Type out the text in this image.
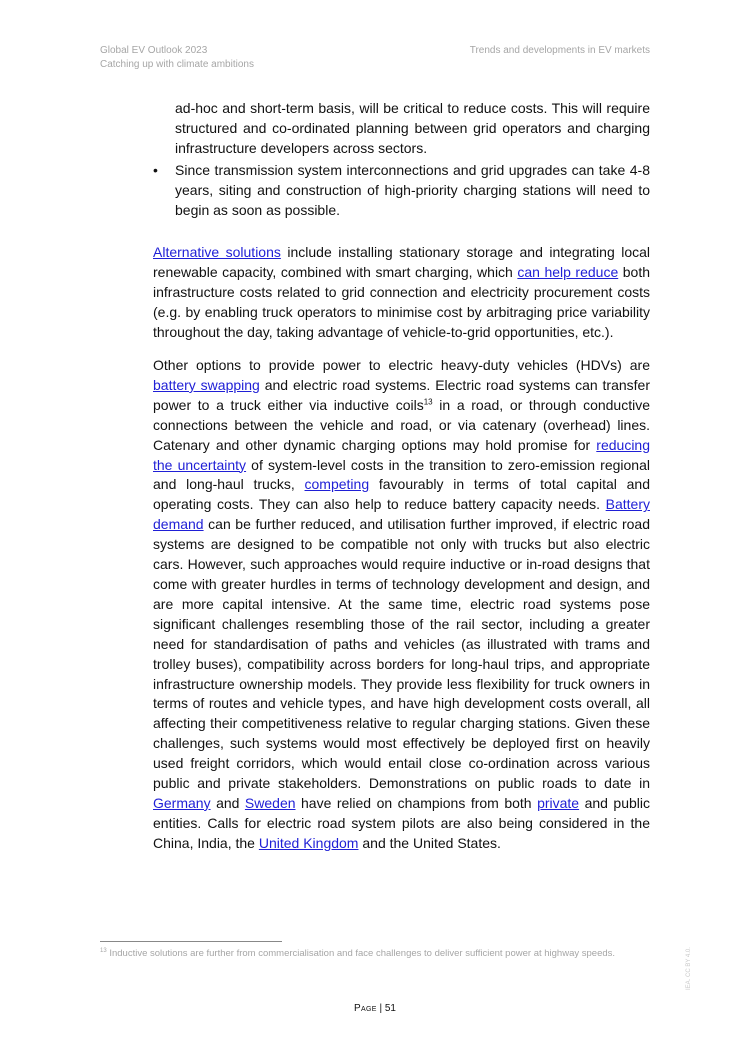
Global EV Outlook 2023
Catching up with climate ambitions
Trends and developments in EV markets
ad-hoc and short-term basis, will be critical to reduce costs. This will require structured and co-ordinated planning between grid operators and charging infrastructure developers across sectors.
• Since transmission system interconnections and grid upgrades can take 4-8 years, siting and construction of high-priority charging stations will need to begin as soon as possible.
Alternative solutions include installing stationary storage and integrating local renewable capacity, combined with smart charging, which can help reduce both infrastructure costs related to grid connection and electricity procurement costs (e.g. by enabling truck operators to minimise cost by arbitraging price variability throughout the day, taking advantage of vehicle-to-grid opportunities, etc.).
Other options to provide power to electric heavy-duty vehicles (HDVs) are battery swapping and electric road systems. Electric road systems can transfer power to a truck either via inductive coils$^{13}$ in a road, or through conductive connections between the vehicle and road, or via catenary (overhead) lines. Catenary and other dynamic charging options may hold promise for reducing the uncertainty of system-level costs in the transition to zero-emission regional and long-haul trucks, competing favourably in terms of total capital and operating costs. They can also help to reduce battery capacity needs. Battery demand can be further reduced, and utilisation further improved, if electric road systems are designed to be compatible not only with trucks but also electric cars. However, such approaches would require inductive or in-road designs that come with greater hurdles in terms of technology development and design, and are more capital intensive. At the same time, electric road systems pose significant challenges resembling those of the rail sector, including a greater need for standardisation of paths and vehicles (as illustrated with trams and trolley buses), compatibility across borders for long-haul trips, and appropriate infrastructure ownership models. They provide less flexibility for truck owners in terms of routes and vehicle types, and have high development costs overall, all affecting their competitiveness relative to regular charging stations. Given these challenges, such systems would most effectively be deployed first on heavily used freight corridors, which would entail close co-ordination across various public and private stakeholders. Demonstrations on public roads to date in Germany and Sweden have relied on champions from both private and public entities. Calls for electric road system pilots are also being considered in the China, India, the United Kingdom and the United States.
$^{13}$ Inductive solutions are further from commercialisation and face challenges to deliver sufficient power at highway speeds.	IEA. CC BY 4.0.
Page | 51
